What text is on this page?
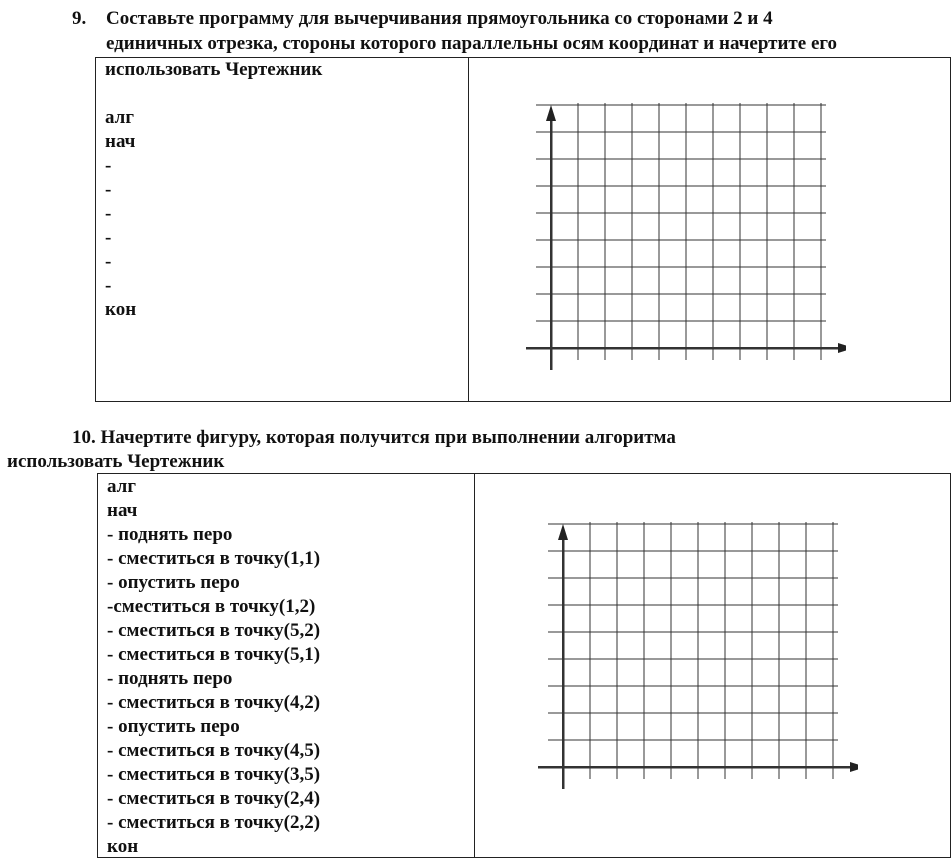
9. Составьте программу для вычерчивания прямоугольника со сторонами 2 и 4
единичных отрезка, стороны которого параллельны осям координат и начертите его
использовать Чертежник
алг
нач
-
-
-
-
-
-
кон
10. Начертите фигуру, которая получится при выполнении алгоритма
использовать Чертежник
алг
нач
- поднять перо
- сместиться в точку(1,1)
- опустить перо
-сместиться в точку(1,2)
- сместиться в точку(5,2)
- сместиться в точку(5,1)
- поднять перо
- сместиться в точку(4,2)
- опустить перо
- сместиться в точку(4,5)
- сместиться в точку(3,5)
- сместиться в точку(2,4)
- сместиться в точку(2,2)
кон
